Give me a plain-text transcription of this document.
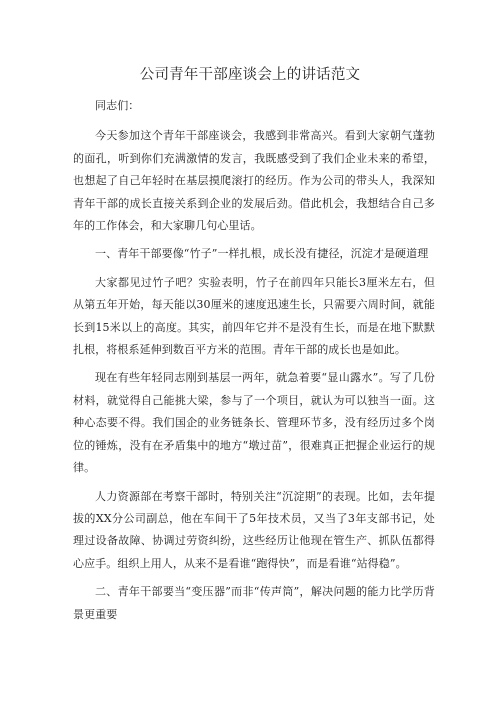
公司青年干部座谈会上的讲话范文

同志们：

今天参加这个青年干部座谈会，我感到非常高兴。看到大家朝气蓬勃的面孔，听到你们充满激情的发言，我既感受到了我们企业未来的希望，也想起了自己年轻时在基层摸爬滚打的经历。作为公司的带头人，我深知青年干部的成长直接关系到企业的发展后劲。借此机会，我想结合自己多年的工作体会，和大家聊几句心里话。

一、青年干部要像“竹子”一样扎根，成长没有捷径，沉淀才是硬道理

大家都见过竹子吧？实验表明，竹子在前四年只能长3厘米左右，但从第五年开始，每天能以30厘米的速度迅速生长，只需要六周时间，就能长到15米以上的高度。其实，前四年它并不是没有生长，而是在地下默默扎根，将根系延伸到数百平方米的范围。青年干部的成长也是如此。

现在有些年轻同志刚到基层一两年，就急着要“显山露水”。写了几份材料，就觉得自己能挑大梁，参与了一个项目，就认为可以独当一面。这种心态要不得。我们国企的业务链条长、管理环节多，没有经历过多个岗位的锤炼，没有在矛盾集中的地方“墩过苗”，很难真正把握企业运行的规律。

人力资源部在考察干部时，特别关注“沉淀期”的表现。比如，去年提拔的XX分公司副总，他在车间干了5年技术员，又当了3年支部书记，处理过设备故障、协调过劳资纠纷，这些经历让他现在管生产、抓队伍都得心应手。组织上用人，从来不是看谁“跑得快”，而是看谁“站得稳”。

二、青年干部要当“变压器”而非“传声筒”，解决问题的能力比学历背景更重要
